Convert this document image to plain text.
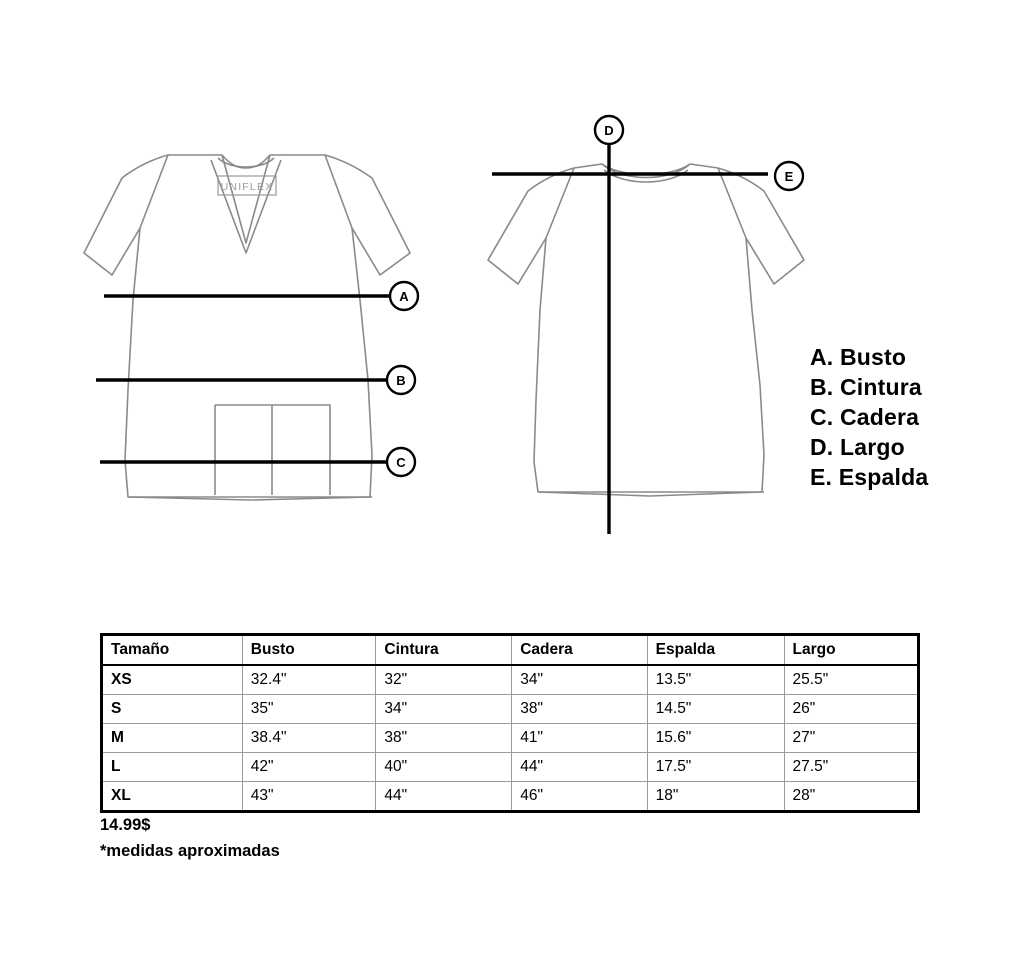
UNIFLEX
A
B
C
D
E
A. Busto
B. Cintura
C. Cadera
D. Largo
E. Espalda
Tamaño	Busto	Cintura	Cadera	Espalda	Largo
XS	32.4"	32"	34"	13.5"	25.5"
S	35"	34"	38"	14.5"	26"
M	38.4"	38"	41"	15.6"	27"
L	42"	40"	44"	17.5"	27.5"
XL	43"	44"	46"	18"	28"
14.99$
*medidas aproximadas
